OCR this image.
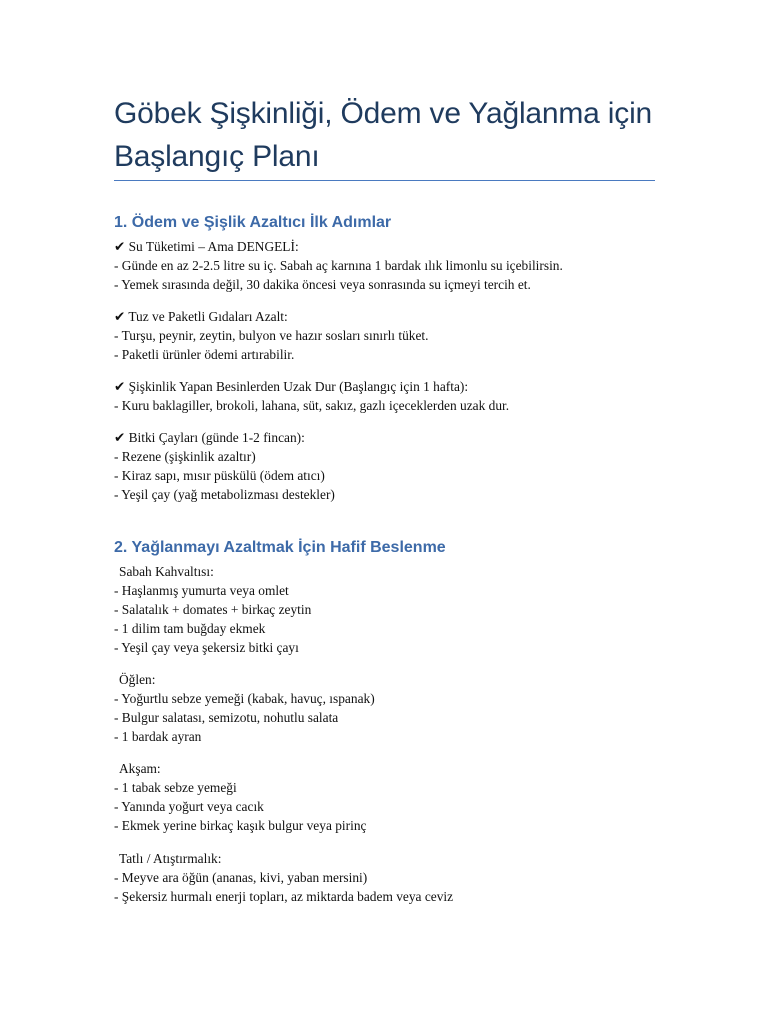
Göbek Şişkinliği, Ödem ve Yağlanma için
Başlangıç Planı
1. Ödem ve Şişlik Azaltıcı İlk Adımlar
✔ Su Tüketimi – Ama DENGELİ:
- Günde en az 2-2.5 litre su iç. Sabah aç karnına 1 bardak ılık limonlu su içebilirsin.
- Yemek sırasında değil, 30 dakika öncesi veya sonrasında su içmeyi tercih et.
✔ Tuz ve Paketli Gıdaları Azalt:
- Turşu, peynir, zeytin, bulyon ve hazır sosları sınırlı tüket.
- Paketli ürünler ödemi artırabilir.
✔ Şişkinlik Yapan Besinlerden Uzak Dur (Başlangıç için 1 hafta):
- Kuru baklagiller, brokoli, lahana, süt, sakız, gazlı içeceklerden uzak dur.
✔ Bitki Çayları (günde 1-2 fincan):
- Rezene (şişkinlik azaltır)
- Kiraz sapı, mısır püskülü (ödem atıcı)
- Yeşil çay (yağ metabolizması destekler)
2. Yağlanmayı Azaltmak İçin Hafif Beslenme
Sabah Kahvaltısı:
- Haşlanmış yumurta veya omlet
- Salatalık + domates + birkaç zeytin
- 1 dilim tam buğday ekmek
- Yeşil çay veya şekersiz bitki çayı
Öğlen:
- Yoğurtlu sebze yemeği (kabak, havuç, ıspanak)
- Bulgur salatası, semizotu, nohutlu salata
- 1 bardak ayran
Akşam:
- 1 tabak sebze yemeği
- Yanında yoğurt veya cacık
- Ekmek yerine birkaç kaşık bulgur veya pirinç
Tatlı / Atıştırmalık:
- Meyve ara öğün (ananas, kivi, yaban mersini)
- Şekersiz hurmalı enerji topları, az miktarda badem veya ceviz
